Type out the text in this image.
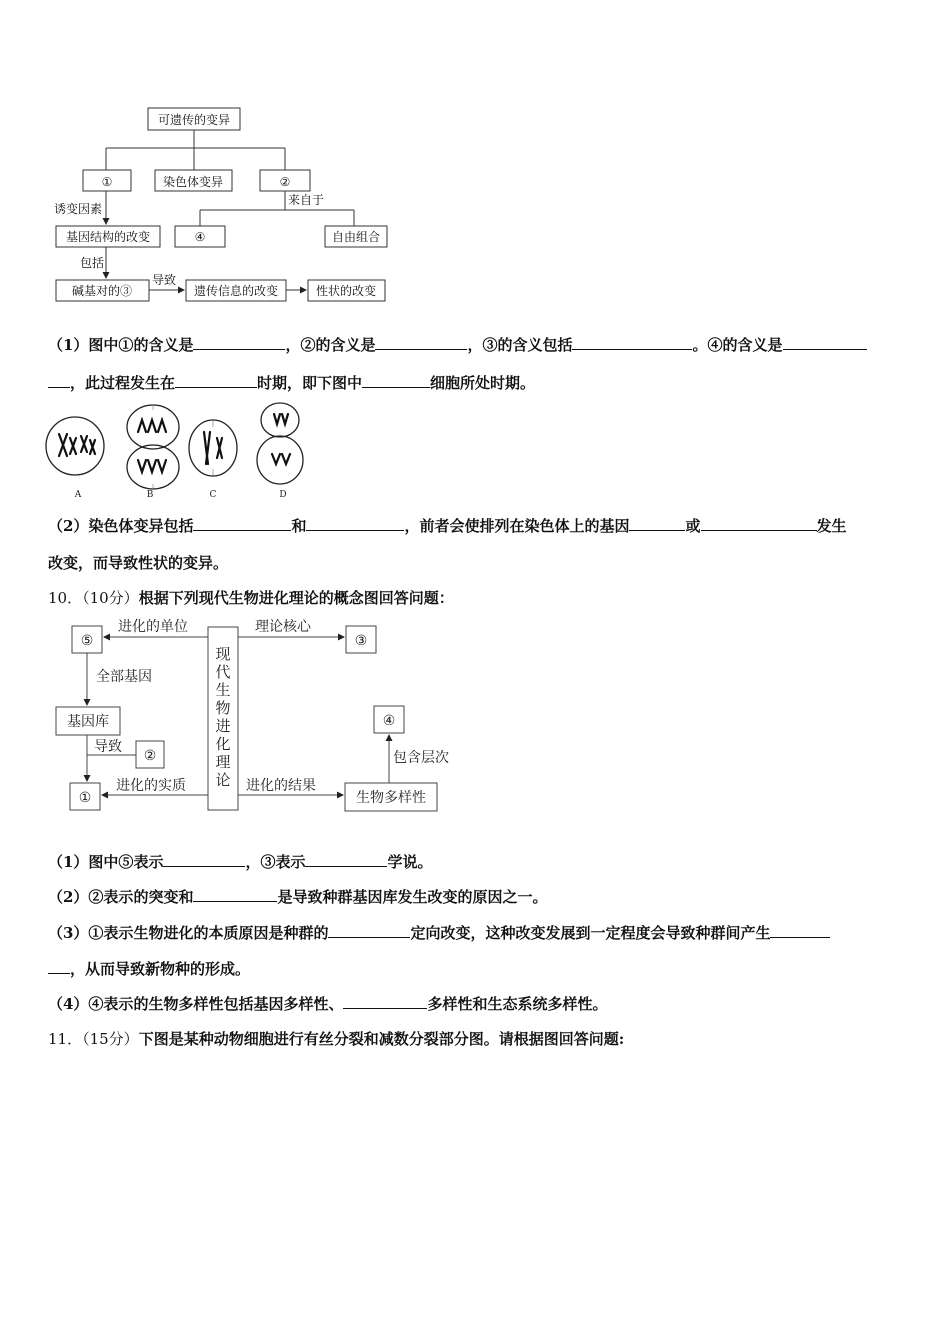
可遗传的变异
①	染色体变异	②
诱变因素
来自于
基因结构的改变	④	自由组合
包括
碱基对的③
导致
遗传信息的改变	性状的改变
（1）图中①的含义是	，②的含义是	，③的含义包括	。④的含义是
，此过程发生在	时期，即下图中	细胞所处时期。
A	B	C	D
（2）染色体变异包括	和	，前者会使排列在染色体上的基因	或	发生
改变，而导致性状的变异。
10．（10分）根据下列现代生物进化理论的概念图回答问题：
⑤
进化的单位	理论核心
③
全部基因
基因库
导致
②
④
包含层次
进化的实质
①
进化的结果
生物多样性
现
代
生
物
进
化
理
论
（1）图中⑤表示	，③表示	学说。
（2）②表示的突变和	是导致种群基因库发生改变的原因之一。
（3）①表示生物进化的本质原因是种群的	定向改变，这种改变发展到一定程度会导致种群间产生
，从而导致新物种的形成。
（4）④表示的生物多样性包括基因多样性、	多样性和生态系统多样性。
11．（15分）下图是某种动物细胞进行有丝分裂和减数分裂部分图。请根据图回答问题:
